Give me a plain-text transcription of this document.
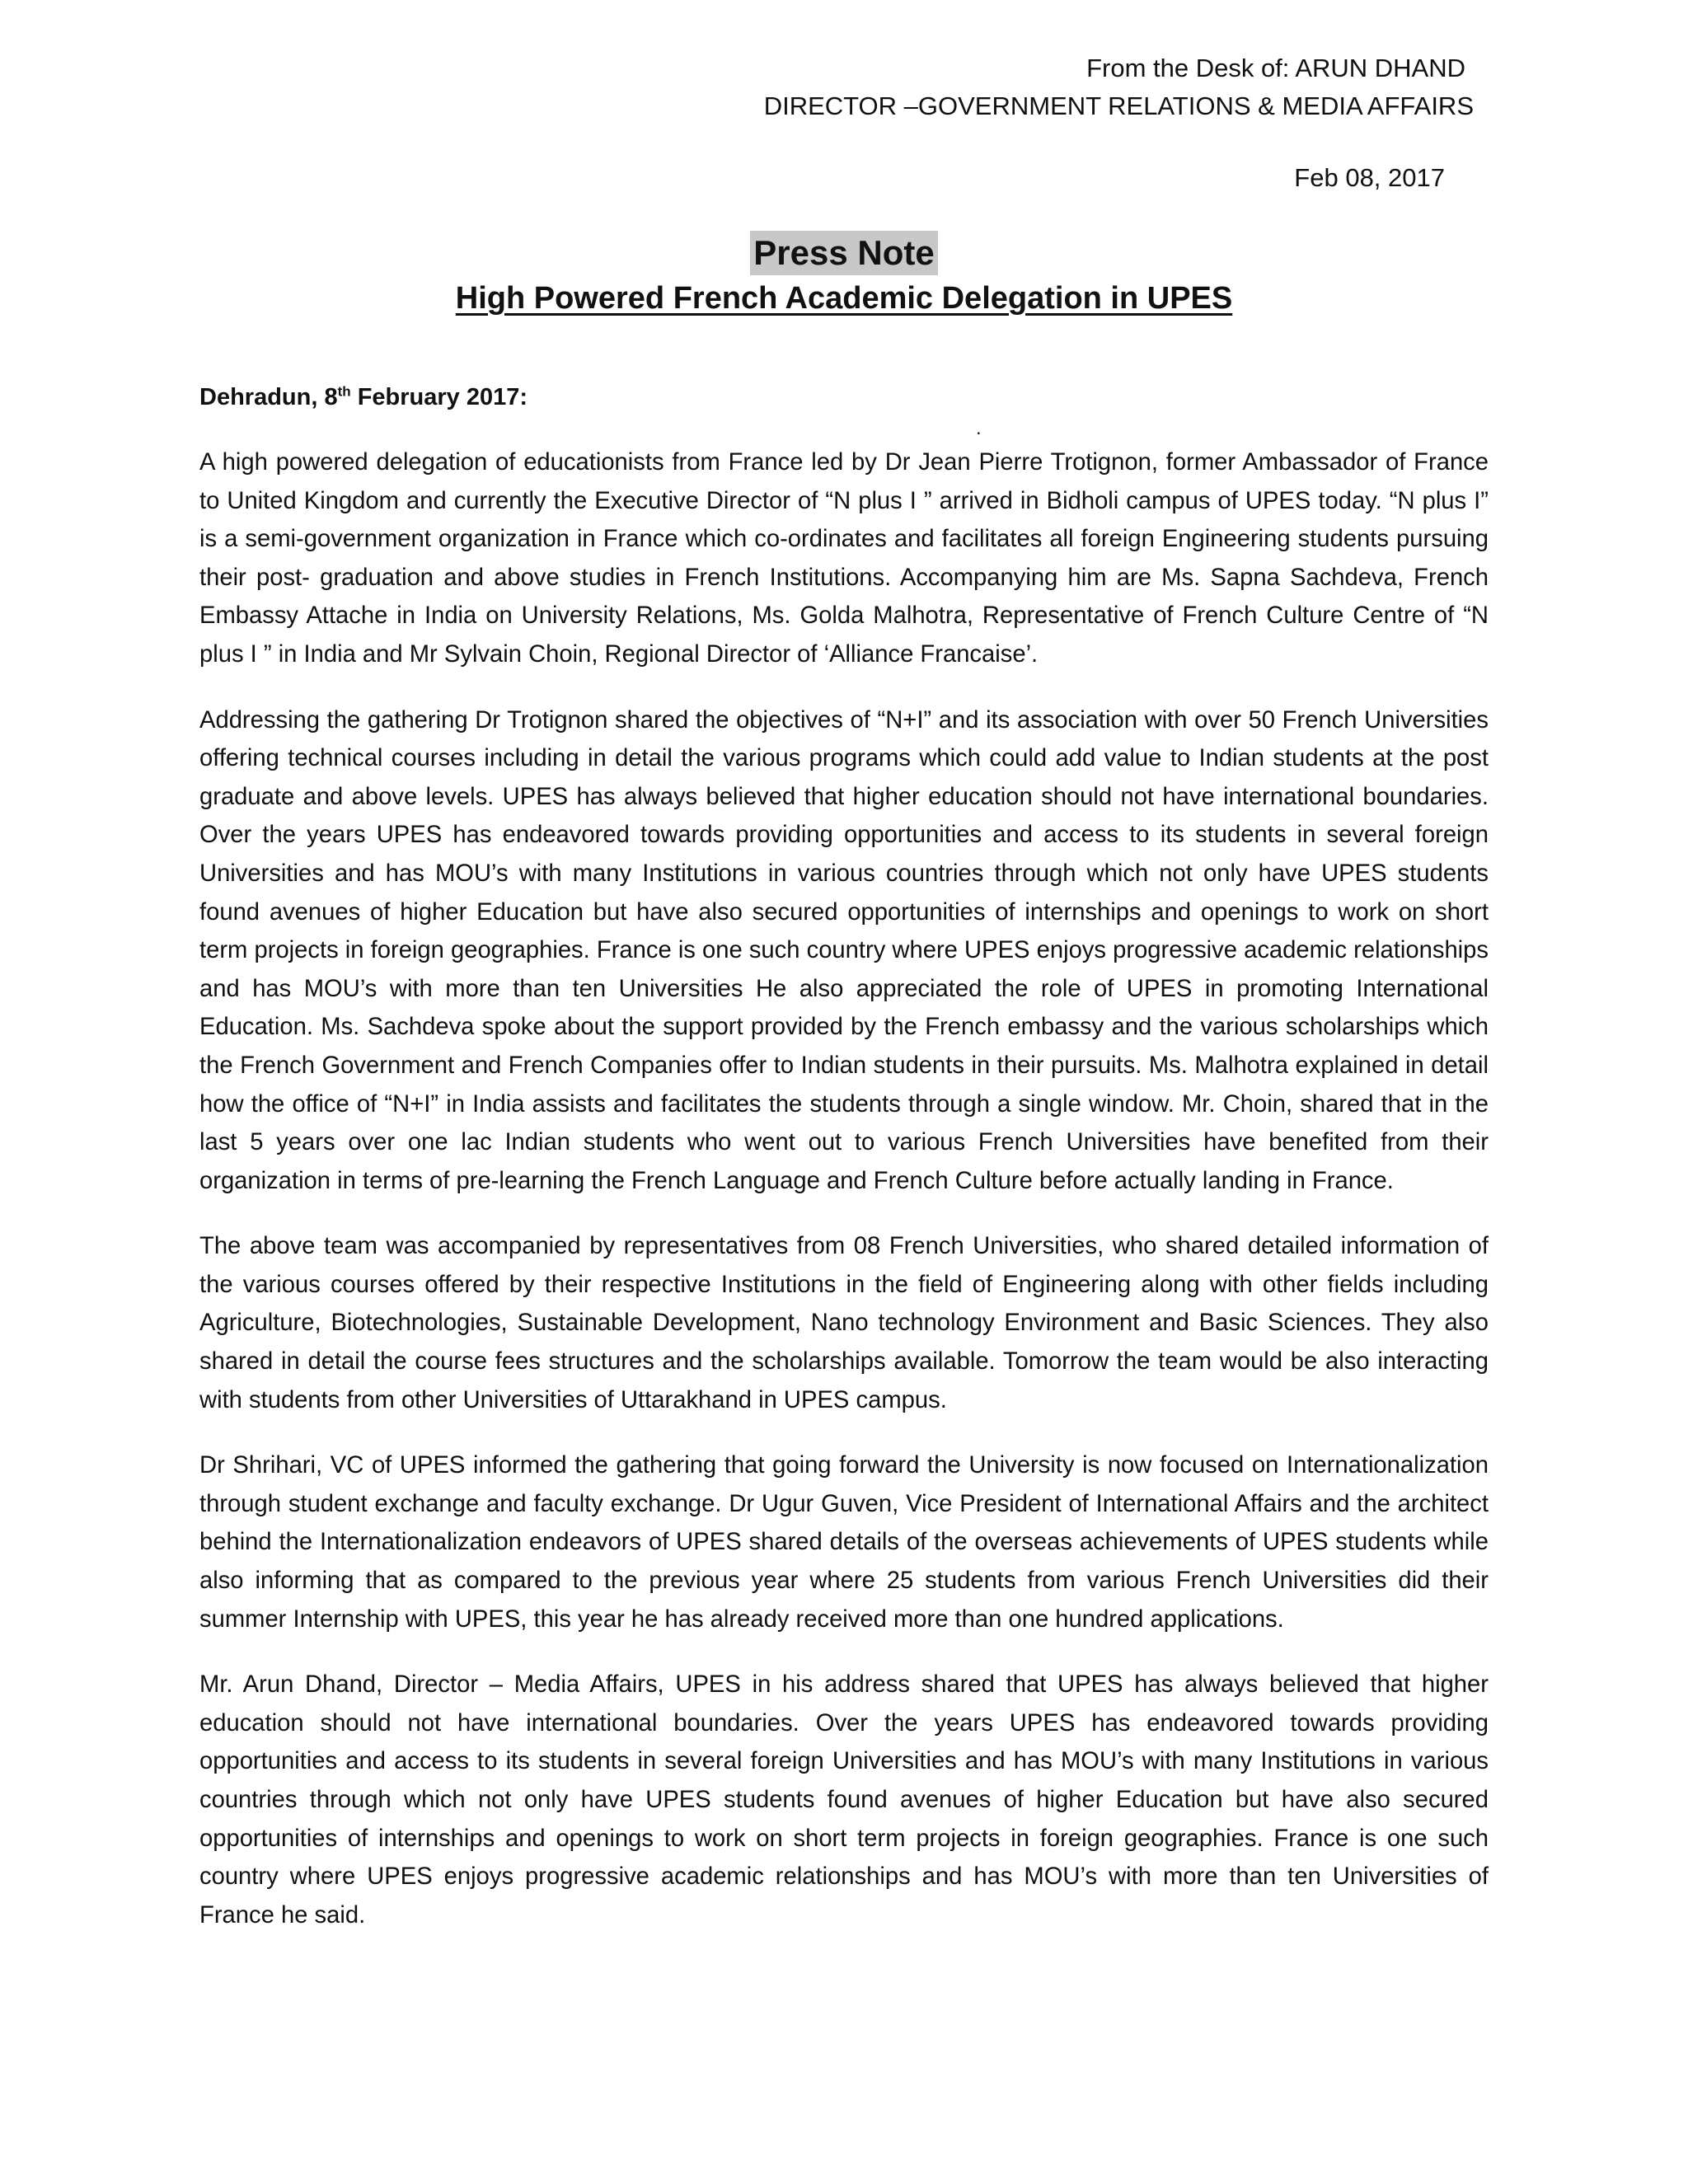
From the Desk of: ARUN DHAND
DIRECTOR –GOVERNMENT RELATIONS & MEDIA AFFAIRS
Feb 08, 2017
Press Note
High Powered French Academic Delegation in UPES
Dehradun, 8th February 2017:
.

A high powered delegation of educationists from France led by Dr Jean Pierre Trotignon, former Ambassador of France to United Kingdom and currently the Executive Director of “N plus I ” arrived in Bidholi campus of UPES today. “N plus I” is a semi-government organization in France which co-ordinates and facilitates all foreign Engineering students pursuing their post- graduation and above studies in French Institutions. Accompanying him are Ms. Sapna Sachdeva, French Embassy Attache in India on University Relations, Ms. Golda Malhotra, Representative of French Culture Centre of “N plus I ” in India and Mr Sylvain Choin, Regional Director of ‘Alliance Francaise’.

Addressing the gathering Dr Trotignon shared the objectives of “N+I” and its association with over 50 French Universities offering technical courses including in detail the various programs which could add value to Indian students at the post graduate and above levels. UPES has always believed that higher education should not have international boundaries. Over the years UPES has endeavored towards providing opportunities and access to its students in several foreign Universities and has MOU’s with many Institutions in various countries through which not only have UPES students found avenues of higher Education but have also secured opportunities of internships and openings to work on short term projects in foreign geographies. France is one such country where UPES enjoys progressive academic relationships and has MOU’s with more than ten Universities He also appreciated the role of UPES in promoting International Education. Ms. Sachdeva spoke about the support provided by the French embassy and the various scholarships which the French Government and French Companies offer to Indian students in their pursuits. Ms. Malhotra explained in detail how the office of “N+I” in India assists and facilitates the students through a single window. Mr. Choin, shared that in the last 5 years over one lac Indian students who went out to various French Universities have benefited from their organization in terms of pre-learning the French Language and French Culture before actually landing in France.

The above team was accompanied by representatives from 08 French Universities, who shared detailed information of the various courses offered by their respective Institutions in the field of Engineering along with other fields including Agriculture, Biotechnologies, Sustainable Development, Nano technology Environment and Basic Sciences. They also shared in detail the course fees structures and the scholarships available. Tomorrow the team would be also interacting with students from other Universities of Uttarakhand in UPES campus.

Dr Shrihari, VC of UPES informed the gathering that going forward the University is now focused on Internationalization through student exchange and faculty exchange. Dr Ugur Guven, Vice President of International Affairs and the architect behind the Internationalization endeavors of UPES shared details of the overseas achievements of UPES students while also informing that as compared to the previous year where 25 students from various French Universities did their summer Internship with UPES, this year he has already received more than one hundred applications.

Mr. Arun Dhand, Director – Media Affairs, UPES in his address shared that UPES has always believed that higher education should not have international boundaries. Over the years UPES has endeavored towards providing opportunities and access to its students in several foreign Universities and has MOU’s with many Institutions in various countries through which not only have UPES students found avenues of higher Education but have also secured opportunities of internships and openings to work on short term projects in foreign geographies. France is one such country where UPES enjoys progressive academic relationships and has MOU’s with more than ten Universities of France he said.
